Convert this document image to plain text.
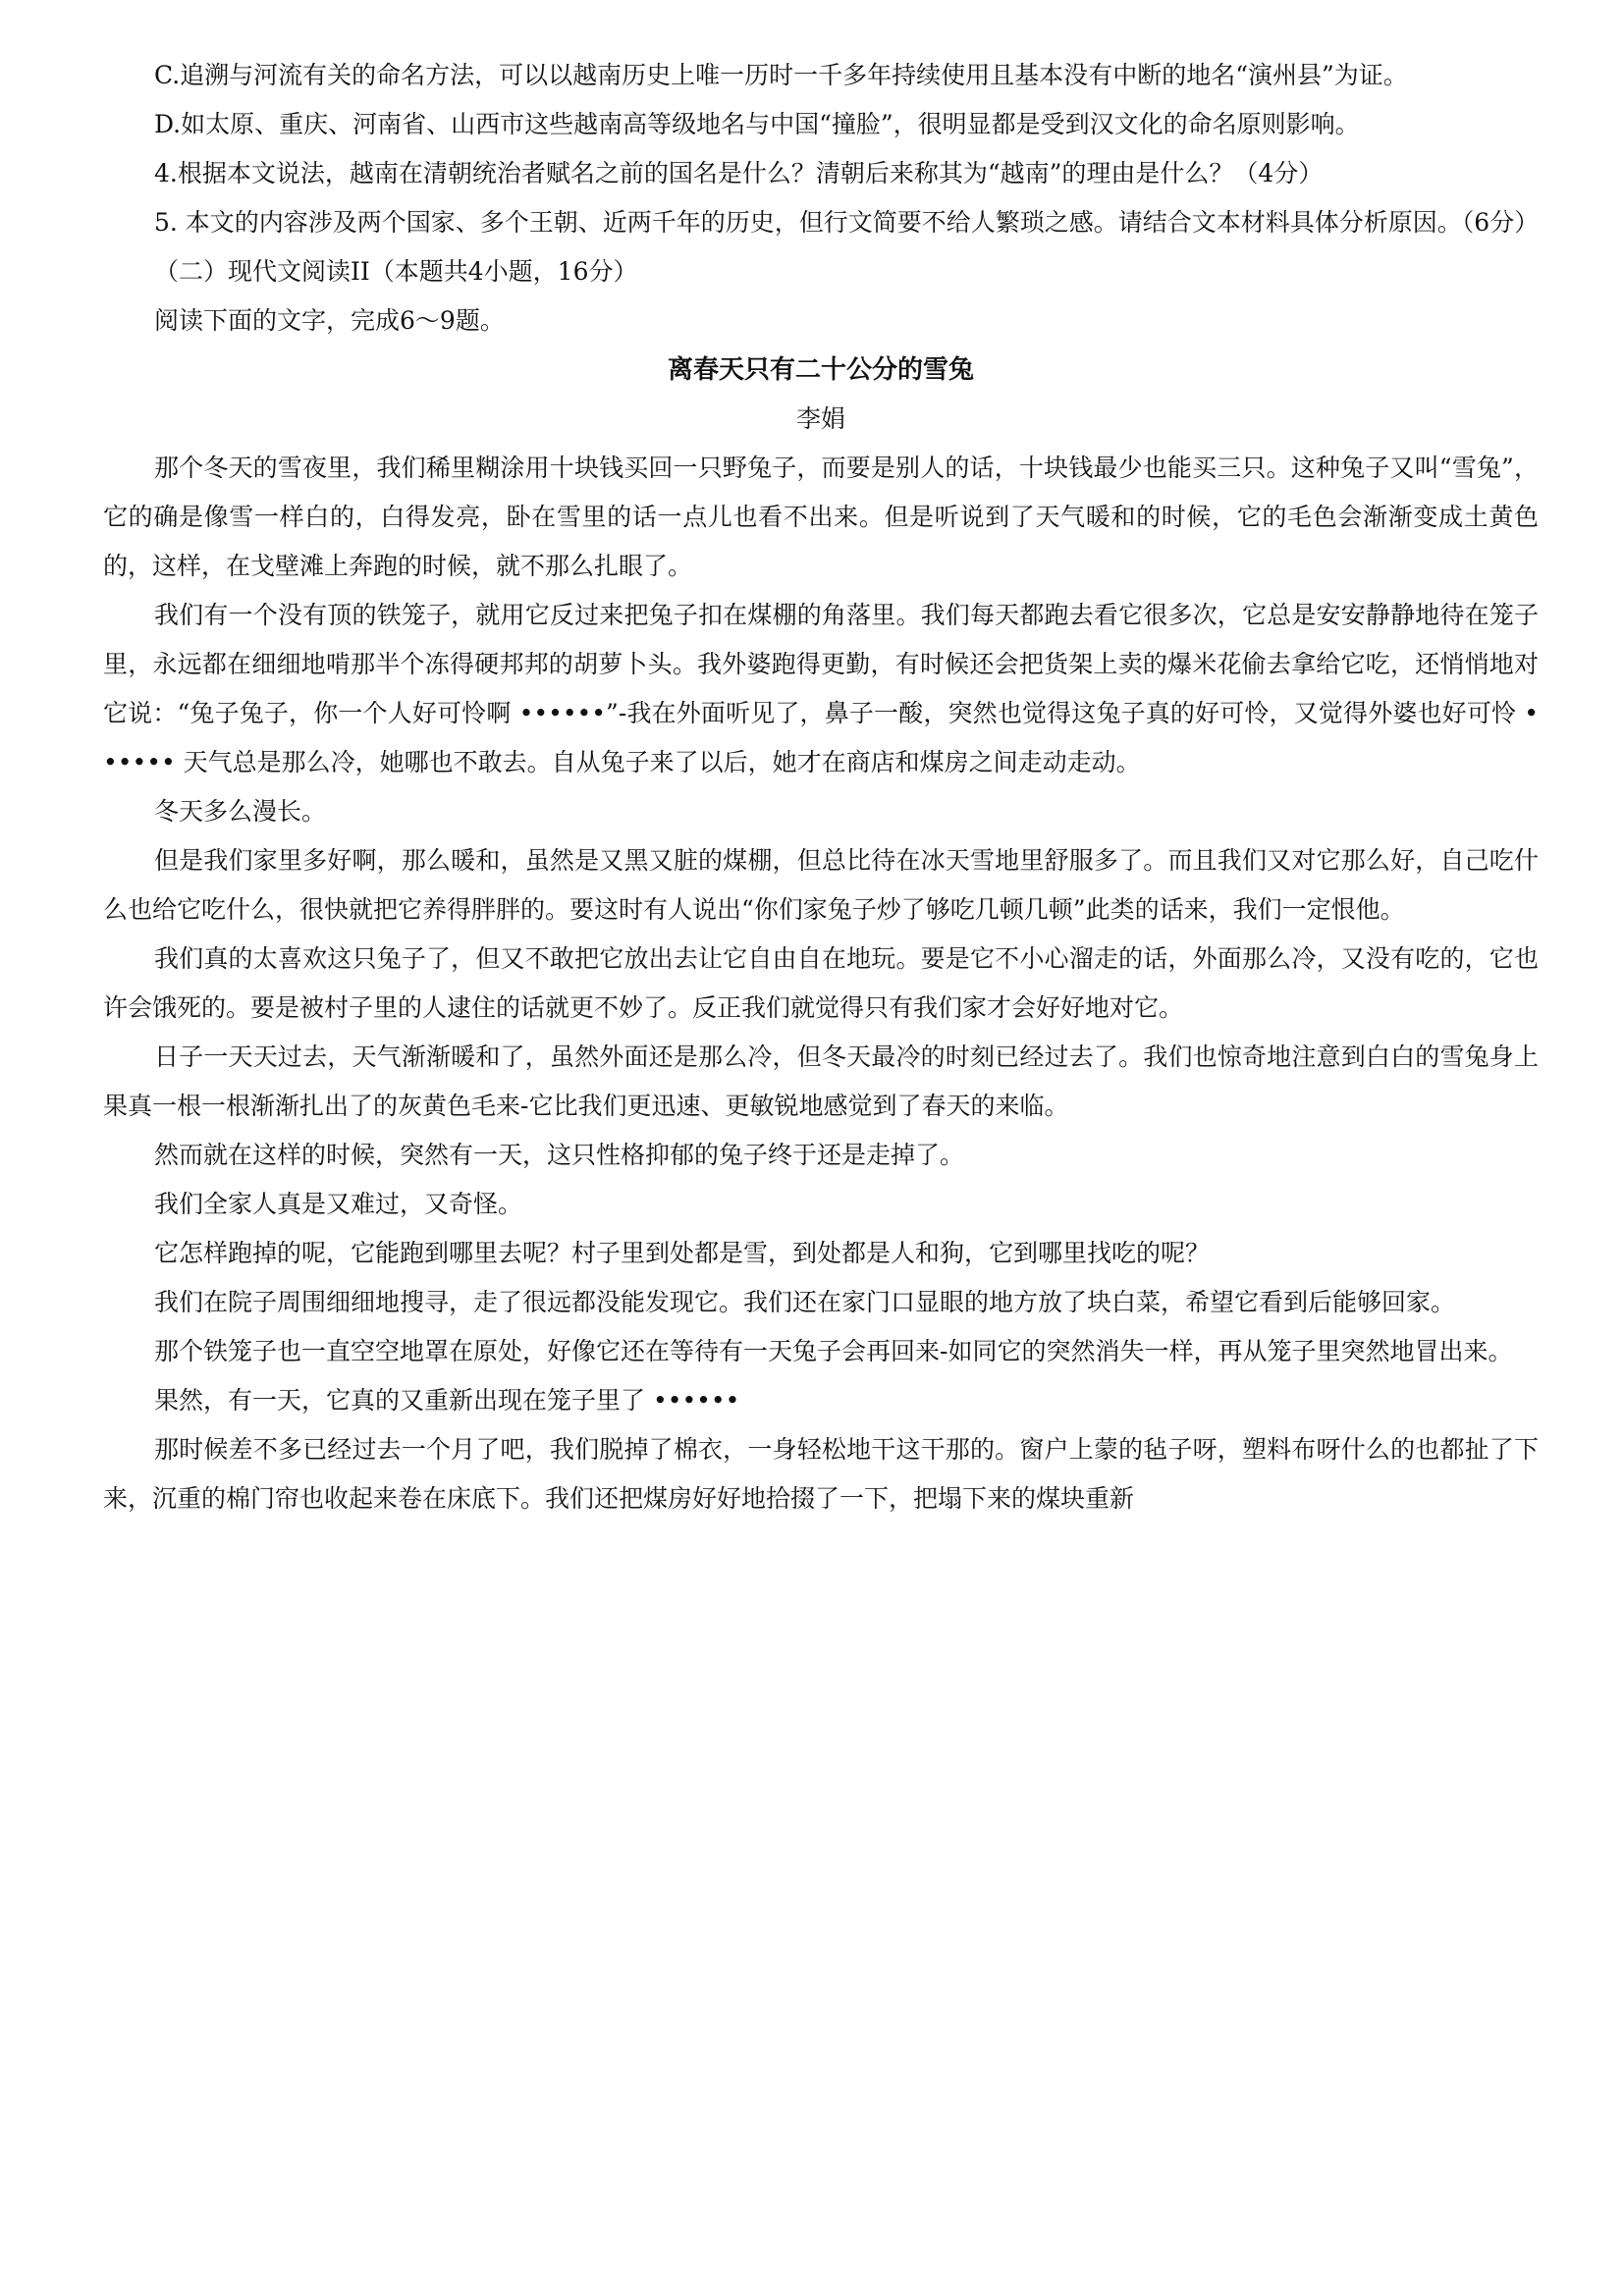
C.追溯与河流有关的命名方法，可以以越南历史上唯一历时一千多年持续使用且基本没有中断的地名“演州县”为证。

D.如太原、重庆、河南省、山西市这些越南高等级地名与中国“撞脸”，很明显都是受到汉文化的命名原则影响。

4.根据本文说法，越南在清朝统治者赋名之前的国名是什么？清朝后来称其为“越南”的理由是什么？（4分）

5. 本文的内容涉及两个国家、多个王朝、近两千年的历史，但行文简要不给人繁琐之感。请结合文本材料具体分析原因。（6分）

（二）现代文阅读II（本题共4小题，16分）

阅读下面的文字，完成6～9题。

离春天只有二十公分的雪兔

李娟

那个冬天的雪夜里，我们稀里糊涂用十块钱买回一只野兔子，而要是别人的话，十块钱最少也能买三只。这种兔子又叫“雪兔”，它的确是像雪一样白的，白得发亮，卧在雪里的话一点儿也看不出来。但是听说到了天气暖和的时候，它的毛色会渐渐变成土黄色的，这样，在戈壁滩上奔跑的时候，就不那么扎眼了。

我们有一个没有顶的铁笼子，就用它反过来把兔子扣在煤棚的角落里。我们每天都跑去看它很多次，它总是安安静静地待在笼子里，永远都在细细地啃那半个冻得硬邦邦的胡萝卜头。我外婆跑得更勤，有时候还会把货架上卖的爆米花偷去拿给它吃，还悄悄地对它说：“兔子兔子，你一个人好可怜啊 ••••••”-我在外面听见了，鼻子一酸，突然也觉得这兔子真的好可怜，又觉得外婆也好可怜 •••••• 天气总是那么冷，她哪也不敢去。自从兔子来了以后，她才在商店和煤房之间走动走动。

冬天多么漫长。

但是我们家里多好啊，那么暖和，虽然是又黑又脏的煤棚，但总比待在冰天雪地里舒服多了。而且我们又对它那么好，自己吃什么也给它吃什么，很快就把它养得胖胖的。要这时有人说出“你们家兔子炒了够吃几顿几顿”此类的话来，我们一定恨他。

我们真的太喜欢这只兔子了，但又不敢把它放出去让它自由自在地玩。要是它不小心溜走的话，外面那么冷，又没有吃的，它也许会饿死的。要是被村子里的人逮住的话就更不妙了。反正我们就觉得只有我们家才会好好地对它。

日子一天天过去，天气渐渐暖和了，虽然外面还是那么冷，但冬天最冷的时刻已经过去了。我们也惊奇地注意到白白的雪兔身上果真一根一根渐渐扎出了的灰黄色毛来-它比我们更迅速、更敏锐地感觉到了春天的来临。

然而就在这样的时候，突然有一天，这只性格抑郁的兔子终于还是走掉了。

我们全家人真是又难过，又奇怪。

它怎样跑掉的呢，它能跑到哪里去呢？村子里到处都是雪，到处都是人和狗，它到哪里找吃的呢？

我们在院子周围细细地搜寻，走了很远都没能发现它。我们还在家门口显眼的地方放了块白菜，希望它看到后能够回家。

那个铁笼子也一直空空地罩在原处，好像它还在等待有一天兔子会再回来-如同它的突然消失一样，再从笼子里突然地冒出来。

果然，有一天，它真的又重新出现在笼子里了 ••••••

那时候差不多已经过去一个月了吧，我们脱掉了棉衣，一身轻松地干这干那的。窗户上蒙的毡子呀，塑料布呀什么的也都扯了下来，沉重的棉门帘也收起来卷在床底下。我们还把煤房好好地拾掇了一下，把塌下来的煤块重新
